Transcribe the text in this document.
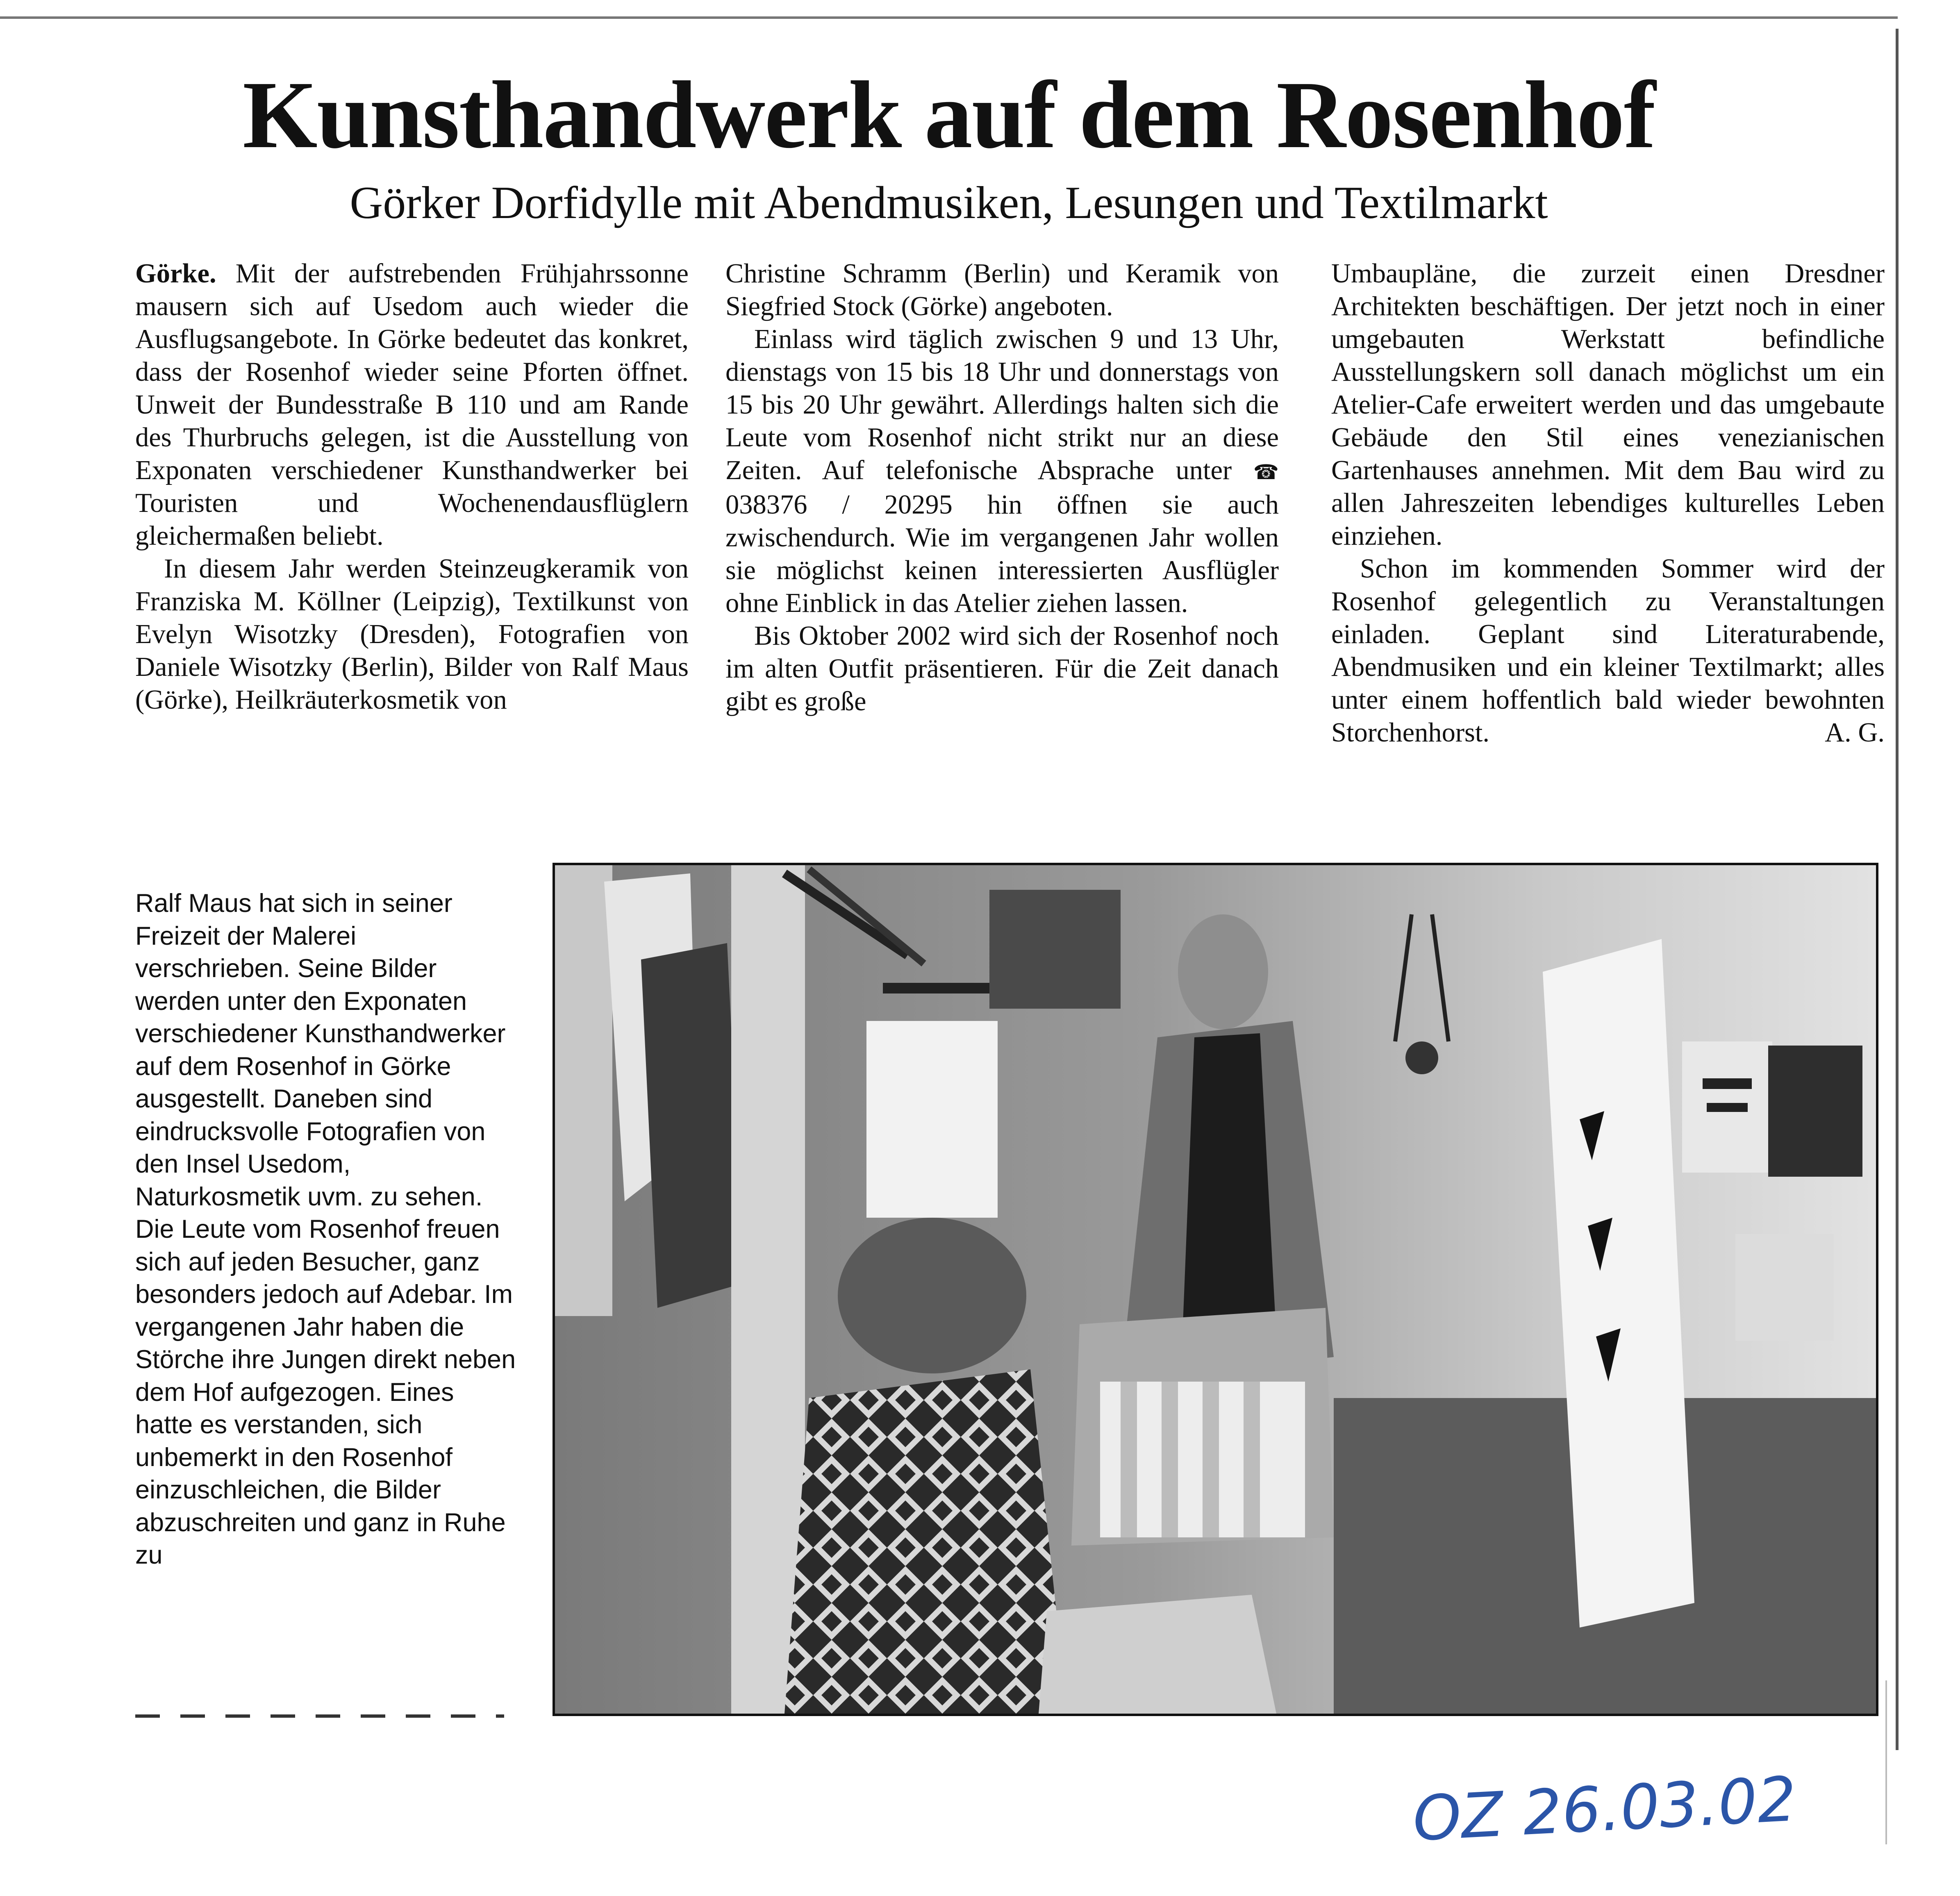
Kunsthandwerk auf dem Rosenhof
Görker Dorfidylle mit Abendmusiken, Lesungen und Textilmarkt

Görke. Mit der aufstrebenden Frühjahrssonne mausern sich auf Usedom auch wieder die Ausflugsangebote. In Görke bedeutet das konkret, dass der Rosenhof wieder seine Pforten öffnet. Unweit der Bundesstraße B 110 und am Rande des Thurbruchs gelegen, ist die Ausstellung von Exponaten verschiedener Kunsthandwerker bei Touristen und Wochenendausflüglern gleichermaßen beliebt.

In diesem Jahr werden Steinzeugkeramik von Franziska M. Köllner (Leipzig), Textilkunst von Evelyn Wisotzky (Dresden), Fotografien von Daniele Wisotzky (Berlin), Bilder von Ralf Maus (Görke), Heilkräuterkosmetik von

Christine Schramm (Berlin) und Keramik von Siegfried Stock (Görke) angeboten.

Einlass wird täglich zwischen 9 und 13 Uhr, dienstags von 15 bis 18 Uhr und donnerstags von 15 bis 20 Uhr gewährt. Allerdings halten sich die Leute vom Rosenhof nicht strikt nur an diese Zeiten. Auf telefonische Absprache unter ☎ 038376 / 20295 hin öffnen sie auch zwischendurch. Wie im vergangenen Jahr wollen sie möglichst keinen interessierten Ausflügler ohne Einblick in das Atelier ziehen lassen.

Bis Oktober 2002 wird sich der Rosenhof noch im alten Outfit präsentieren. Für die Zeit danach gibt es große

Umbaupläne, die zurzeit einen Dresdner Architekten beschäftigen. Der jetzt noch in einer umgebauten Werkstatt befindliche Ausstellungskern soll danach möglichst um ein Atelier-Cafe erweitert werden und das umgebaute Gebäude den Stil eines venezianischen Gartenhauses annehmen. Mit dem Bau wird zu allen Jahreszeiten lebendiges kulturelles Leben einziehen.

Schon im kommenden Sommer wird der Rosenhof gelegentlich zu Veranstaltungen einladen. Geplant sind Literaturabende, Abendmusiken und ein kleiner Textilmarkt; alles unter einem hoffentlich bald wieder bewohnten Storchenhorst.	A. G.

Ralf Maus hat sich in seiner Freizeit der Malerei verschrieben. Seine Bilder werden unter den Exponaten verschiedener Kunsthandwerker auf dem Rosenhof in Görke ausgestellt. Daneben sind eindrucksvolle Fotografien von den Insel Usedom, Naturkosmetik uvm. zu sehen. Die Leute vom Rosenhof freuen sich auf jeden Besucher, ganz besonders jedoch auf Adebar. Im vergangenen Jahr haben die Störche ihre Jungen direkt neben dem Hof aufgezogen. Eines hatte es verstanden, sich unbemerkt in den Rosenhof einzuschleichen, die Bilder abzuschreiten und ganz in Ruhe zu
OZ 26.03.02
